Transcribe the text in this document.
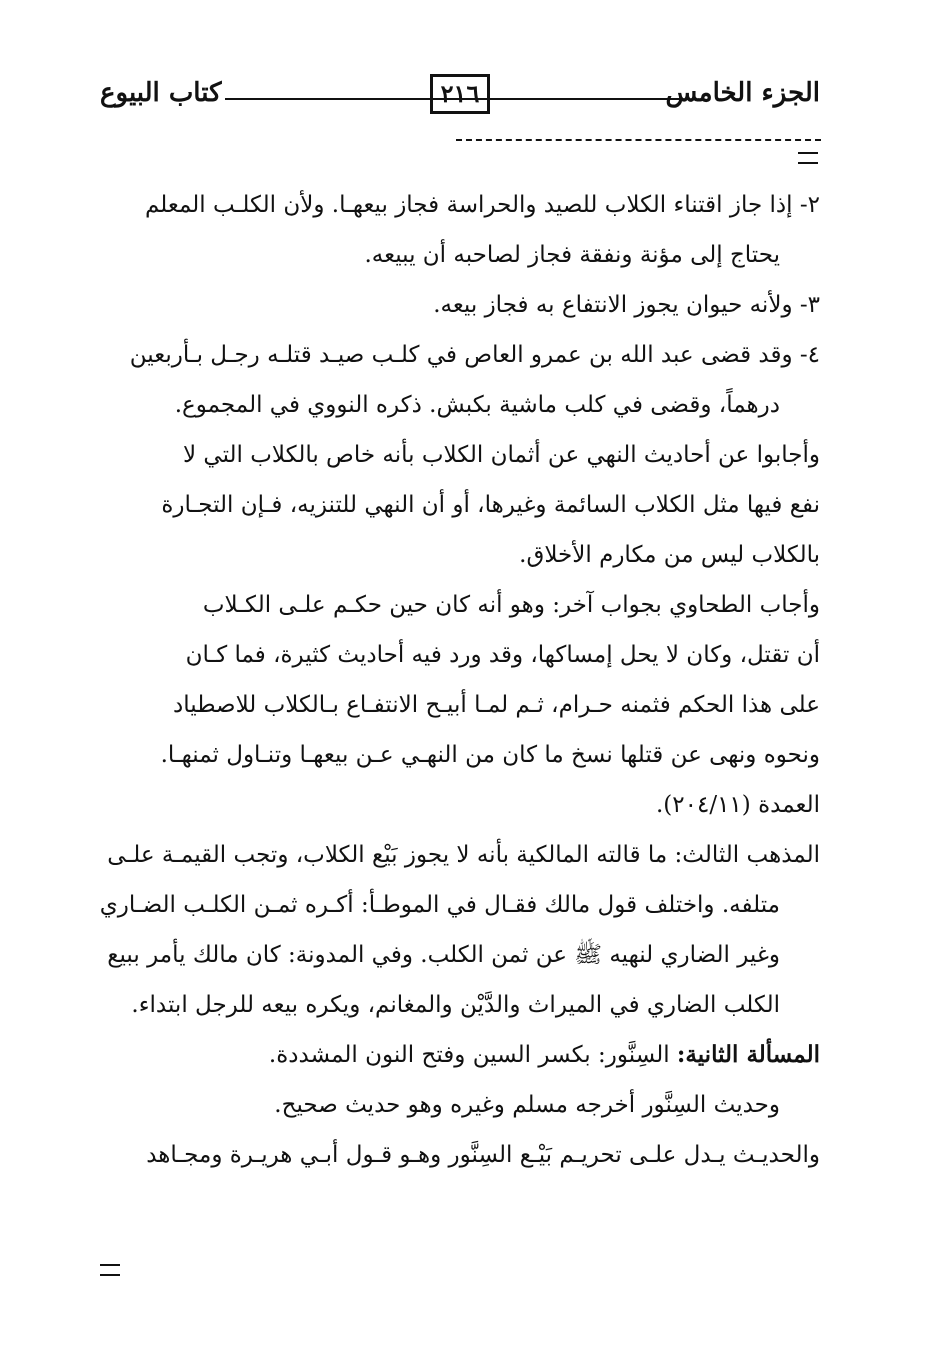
الجزء الخامس
٢١٦
كتاب البيوع
٢- إذا جاز اقتناء الكلاب للصيد والحراسة فجاز بيعهـا. ولأن الكلـب المعلم
يحتاج إلى مؤنة ونفقة فجاز لصاحبه أن يبيعه.
٣- ولأنه حيوان يجوز الانتفاع به فجاز بيعه.
٤- وقد قضى عبد الله بن عمرو العاص في كلـب صيـد قتلـه رجـل بـأربعين
درهماً، وقضى في كلب ماشية بكبش. ذكره النووي في المجموع.
وأجابوا عن أحاديث النهي عن أثمان الكلاب بأنه خاص بالكلاب التي لا
نفع فيها مثل الكلاب السائمة وغيرها، أو أن النهي للتنزيه، فـإن التجـارة
بالكلاب ليس من مكارم الأخلاق.
وأجاب الطحاوي بجواب آخر: وهو أنه كان حين حكـم علـى الكـلاب
أن تقتل، وكان لا يحل إمساكها، وقد ورد فيه أحاديث كثيرة، فما كـان
على هذا الحكم فثمنه حـرام، ثـم لمـا أبيـح الانتفـاع بـالكلاب للاصطياد
ونحوه ونهى عن قتلها نسخ ما كان من النهـي عـن بيعهـا وتنـاول ثمنهـا.
العمدة (٢٠٤/١١).
المذهب الثالث: ما قالته المالكية بأنه لا يجوز بَيْع الكلاب، وتجب القيمـة علـى
متلفه. واختلف قول مالك فقـال في الموطـأ: أكـره ثمـن الكلـب الضـاري
وغير الضاري لنهيه ﷺ عن ثمن الكلب. وفي المدونة: كان مالك يأمر ببيع
الكلب الضاري في الميراث والدَّيْن والمغانم، ويكره بيعه للرجل ابتداء.
المسألة الثانية: السِنَّور: بكسر السين وفتح النون المشددة.
وحديث السِنَّور أخرجه مسلم وغيره وهو حديث صحيح.
والحديـث يـدل علـى تحريـم بَيْـع السِنَّور وهـو قـول أبـي هريـرة ومجـاهد
